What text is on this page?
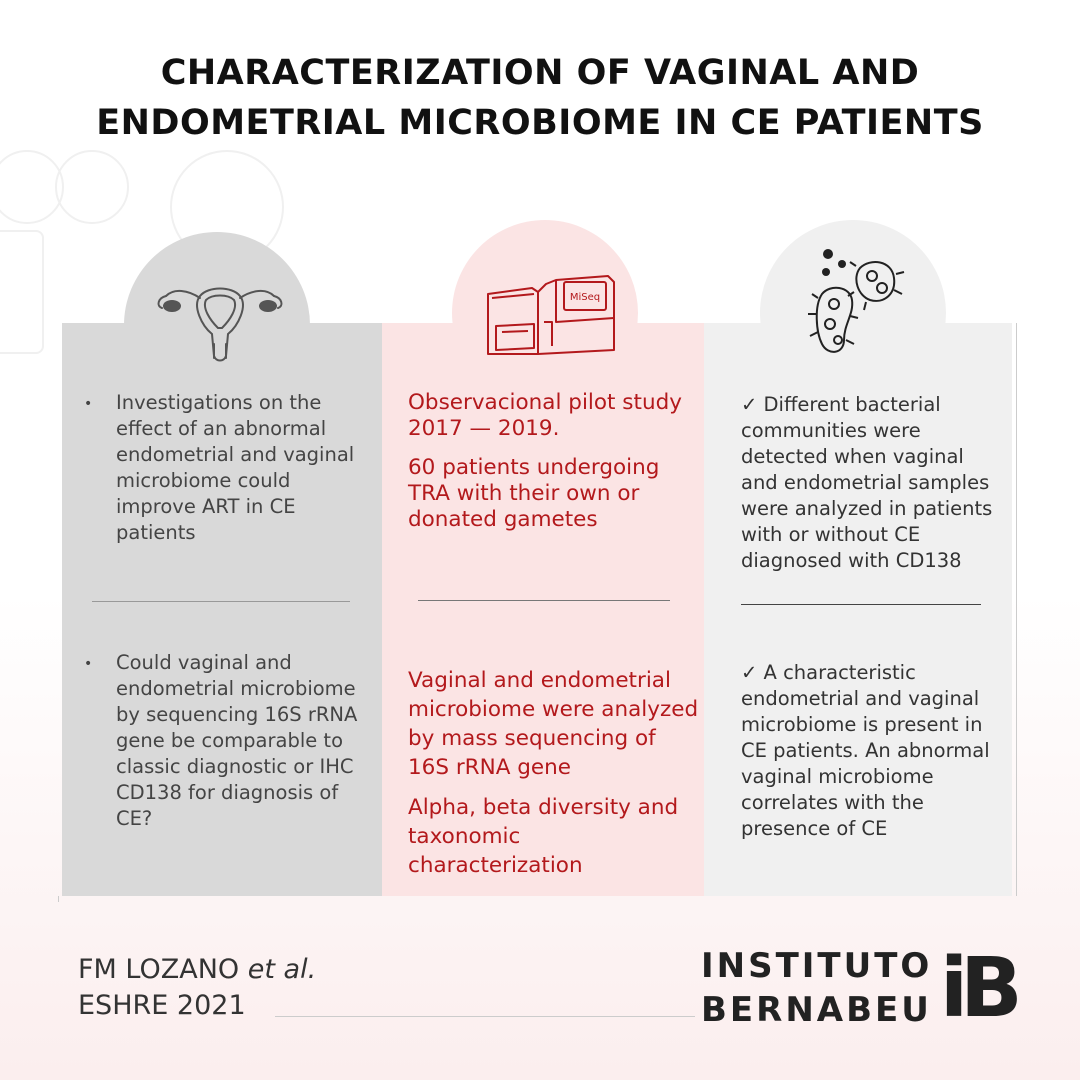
CHARACTERIZATION OF VAGINAL AND
ENDOMETRIAL MICROBIOME IN CE PATIENTS
MiSeq
• Investigations on the effect of an abnormal endometrial and vaginal microbiome could improve ART in CE patients
• Could vaginal and endometrial microbiome by sequencing 16S rRNA gene be comparable to classic diagnostic or IHC CD138 for diagnosis of CE?
Observacional pilot study 2017 — 2019.
60 patients undergoing TRA with their own or donated gametes
Vaginal and endometrial microbiome were analyzed by mass sequencing of 16S rRNA gene
Alpha, beta diversity and taxonomic characterization
✓ Different bacterial communities were detected when vaginal and endometrial samples were analyzed in patients with or without CE diagnosed with CD138
✓ A characteristic endometrial and vaginal microbiome is present in CE patients. An abnormal vaginal microbiome correlates with the presence of CE
FM LOZANO et al.
ESHRE 2021
INSTITUTO
BERNABEU iB
